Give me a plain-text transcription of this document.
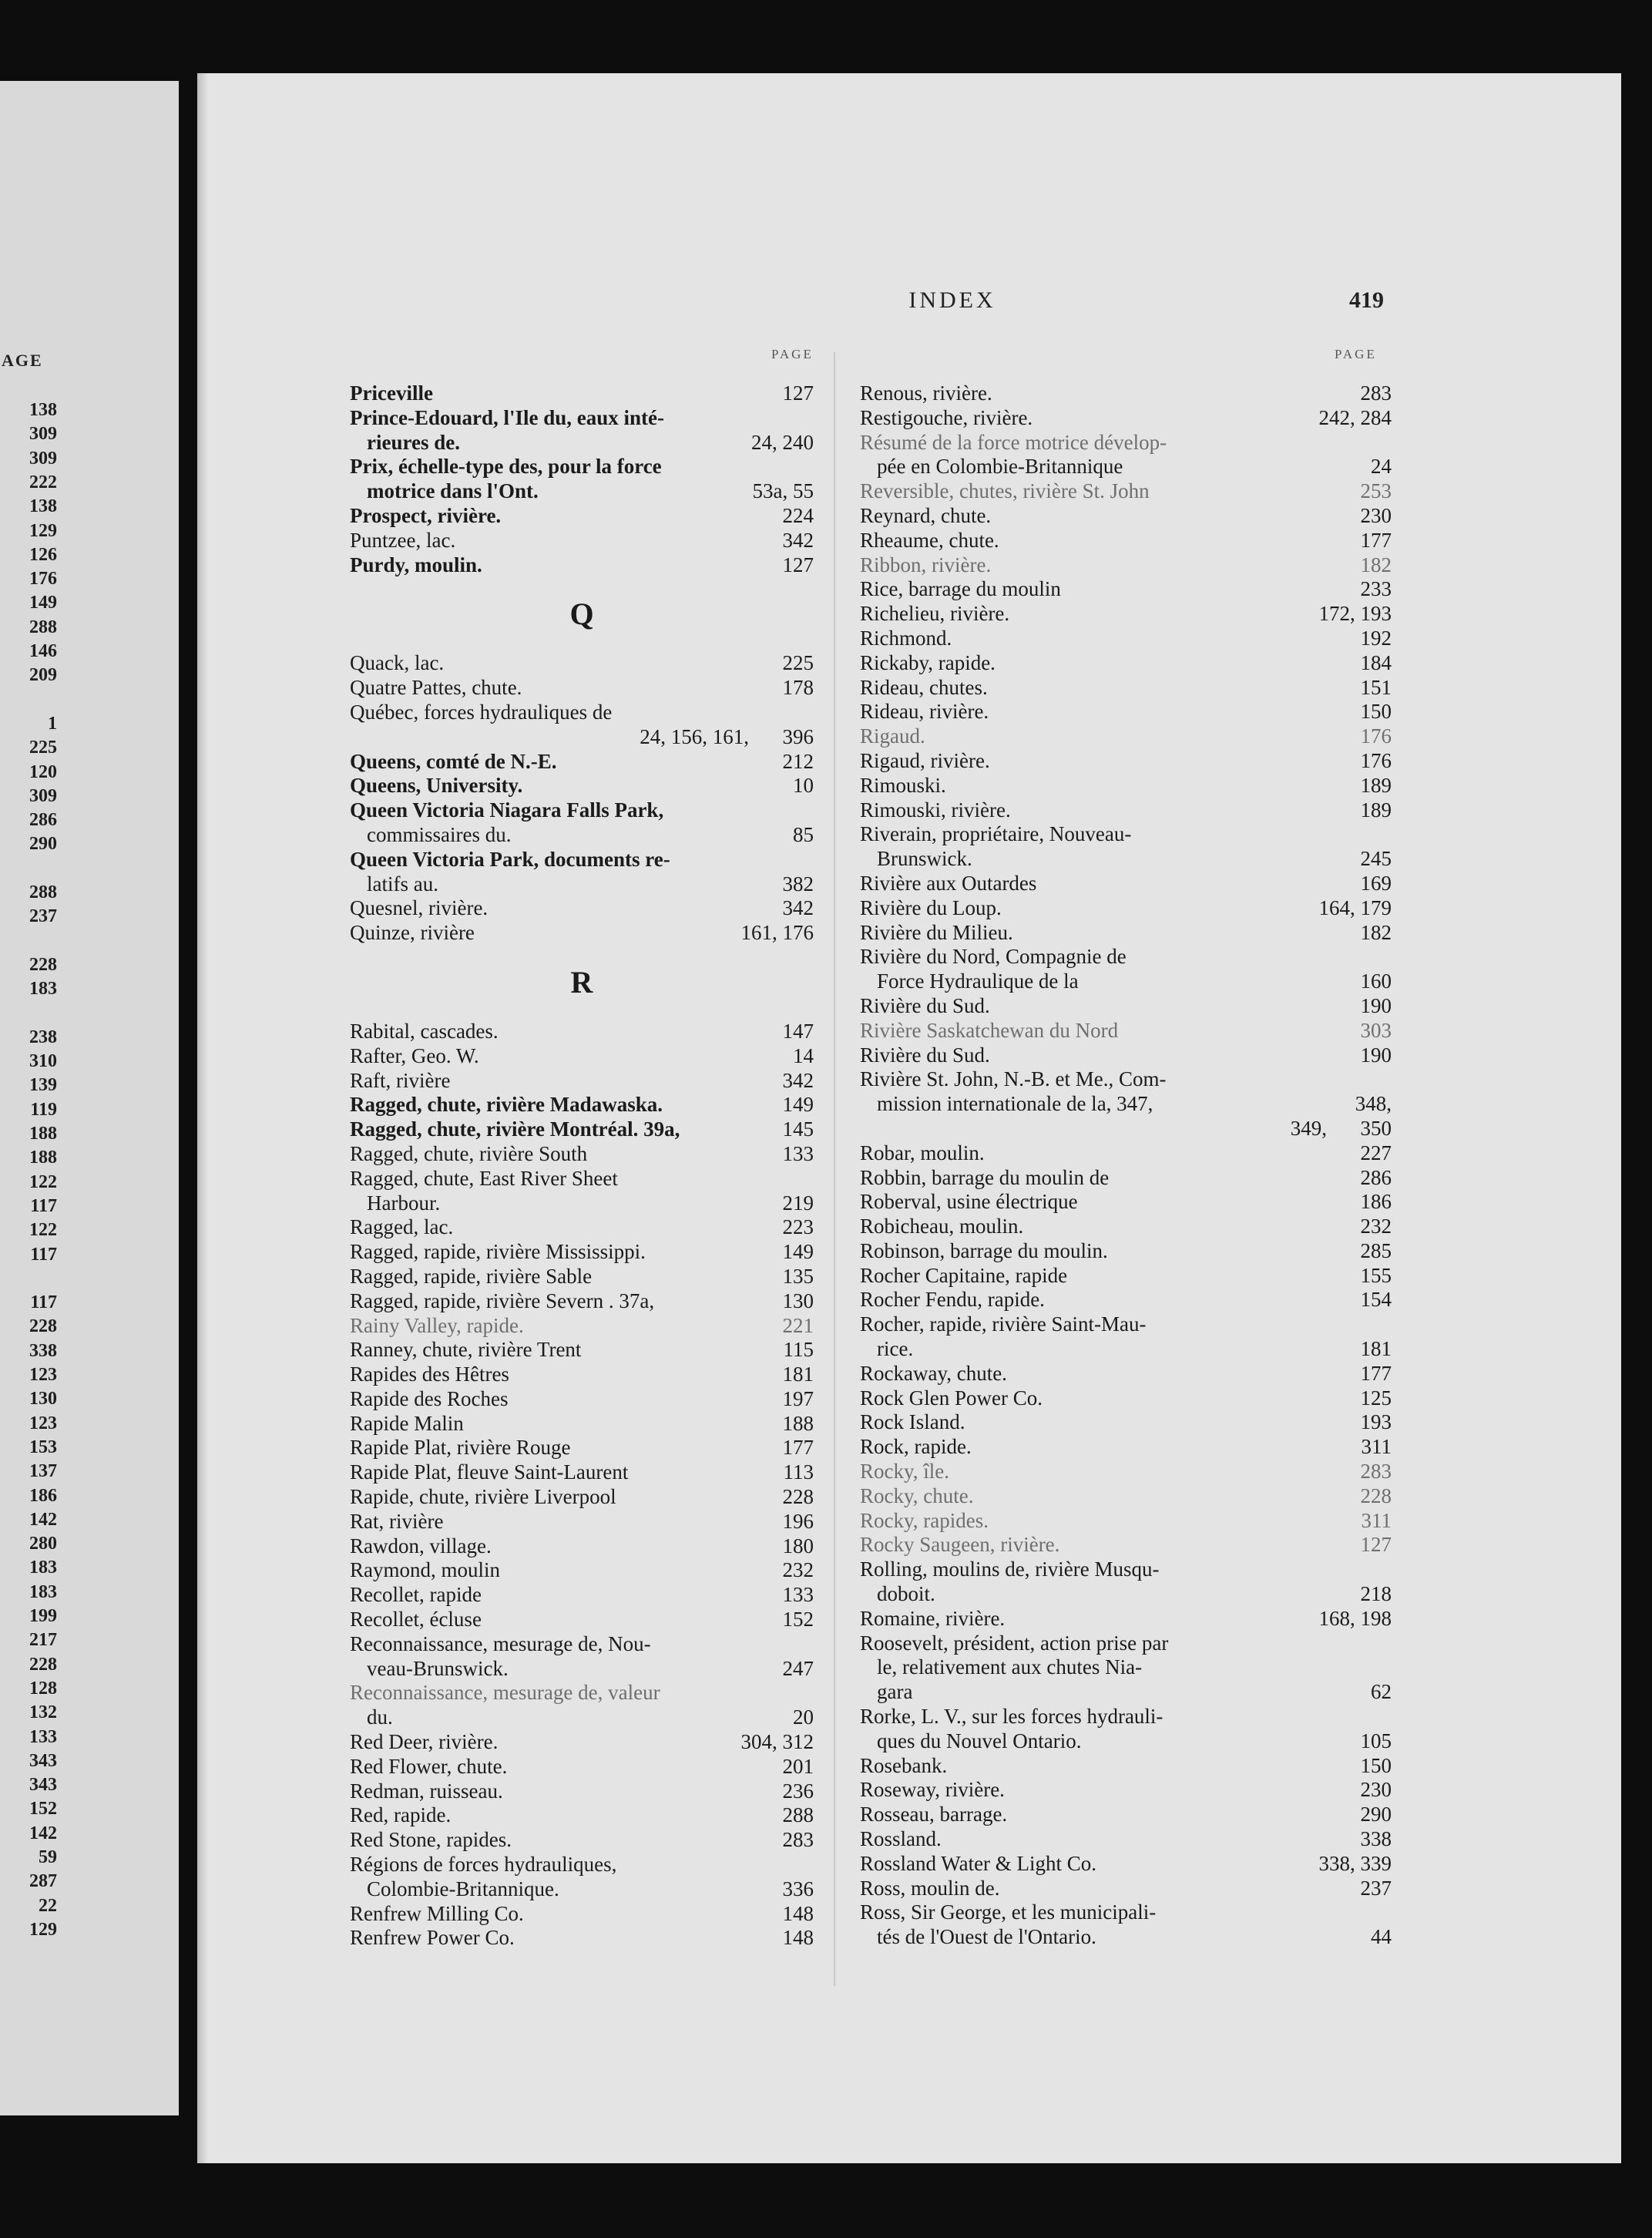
AGE
138
309
309
222
138
129
126
176
149
288
146
209
1
225
120
309
286
290
288
237
228
183
238
310
139
119
188
188
122
117
122
117
117
228
338
123
130
123
153
137
186
142
280
183
183
199
217
228
128
132
133
343
343
152
142
59
287
22
129
INDEX	419
PAGE	PAGE
Priceville	127
Prince-Edouard, l'Ile du, eaux inté-
rieures de.	24, 240
Prix, échelle-type des, pour la force
motrice dans l'Ont.	53a, 55
Prospect, rivière.	224
Puntzee, lac.	342
Purdy, moulin.	127
Q
Quack, lac.	225
Quatre Pattes, chute.	178
Québec, forces hydrauliques de
24, 156, 161, 396
Queens, comté de N.-E.	212
Queens, University.	10
Queen Victoria Niagara Falls Park,
commissaires du.	85
Queen Victoria Park, documents re-
latifs au.	382
Quesnel, rivière.	342
Quinze, rivière	161, 176
R
Rabital, cascades.	147
Rafter, Geo. W.	14
Raft, rivière	342
Ragged, chute, rivière Madawaska.	149
Ragged, chute, rivière Montréal. 39a,	145
Ragged, chute, rivière South	133
Ragged, chute, East River Sheet
Harbour.	219
Ragged, lac.	223
Ragged, rapide, rivière Mississippi.	149
Ragged, rapide, rivière Sable	135
Ragged, rapide, rivière Severn . 37a,	130
Rainy Valley, rapide.	221
Ranney, chute, rivière Trent	115
Rapides des Hêtres	181
Rapide des Roches	197
Rapide Malin	188
Rapide Plat, rivière Rouge	177
Rapide Plat, fleuve Saint-Laurent	113
Rapide, chute, rivière Liverpool	228
Rat, rivière	196
Rawdon, village.	180
Raymond, moulin	232
Recollet, rapide	133
Recollet, écluse	152
Reconnaissance, mesurage de, Nou-
veau-Brunswick.	247
Reconnaissance, mesurage de, valeur
du.	20
Red Deer, rivière.	304, 312
Red Flower, chute.	201
Redman, ruisseau.	236
Red, rapide.	288
Red Stone, rapides.	283
Régions de forces hydrauliques,
Colombie-Britannique.	336
Renfrew Milling Co.	148
Renfrew Power Co.	148
Renous, rivière.	283
Restigouche, rivière.	242, 284
Résumé de la force motrice dévelop-
pée en Colombie-Britannique	24
Reversible, chutes, rivière St. John	253
Reynard, chute.	230
Rheaume, chute.	177
Ribbon, rivière.	182
Rice, barrage du moulin	233
Richelieu, rivière.	172, 193
Richmond.	192
Rickaby, rapide.	184
Rideau, chutes.	151
Rideau, rivière.	150
Rigaud.	176
Rigaud, rivière.	176
Rimouski.	189
Rimouski, rivière.	189
Riverain, propriétaire, Nouveau-
Brunswick.	245
Rivière aux Outardes	169
Rivière du Loup.	164, 179
Rivière du Milieu.	182
Rivière du Nord, Compagnie de
Force Hydraulique de la	160
Rivière du Sud.	190
Rivière Saskatchewan du Nord	303
Rivière du Sud.	190
Rivière St. John, N.-B. et Me., Com-
mission internationale de la, 347,	348,
349, 350
Robar, moulin.	227
Robbin, barrage du moulin de	286
Roberval, usine électrique	186
Robicheau, moulin.	232
Robinson, barrage du moulin.	285
Rocher Capitaine, rapide	155
Rocher Fendu, rapide.	154
Rocher, rapide, rivière Saint-Mau-
rice.	181
Rockaway, chute.	177
Rock Glen Power Co.	125
Rock Island.	193
Rock, rapide.	311
Rocky, île.	283
Rocky, chute.	228
Rocky, rapides.	311
Rocky Saugeen, rivière.	127
Rolling, moulins de, rivière Musqu-
doboit.	218
Romaine, rivière.	168, 198
Roosevelt, président, action prise par
le, relativement aux chutes Nia-
gara	62
Rorke, L. V., sur les forces hydrauli-
ques du Nouvel Ontario.	105
Rosebank.	150
Roseway, rivière.	230
Rosseau, barrage.	290
Rossland.	338
Rossland Water & Light Co.	338, 339
Ross, moulin de.	237
Ross, Sir George, et les municipali-
tés de l'Ouest de l'Ontario.	44
